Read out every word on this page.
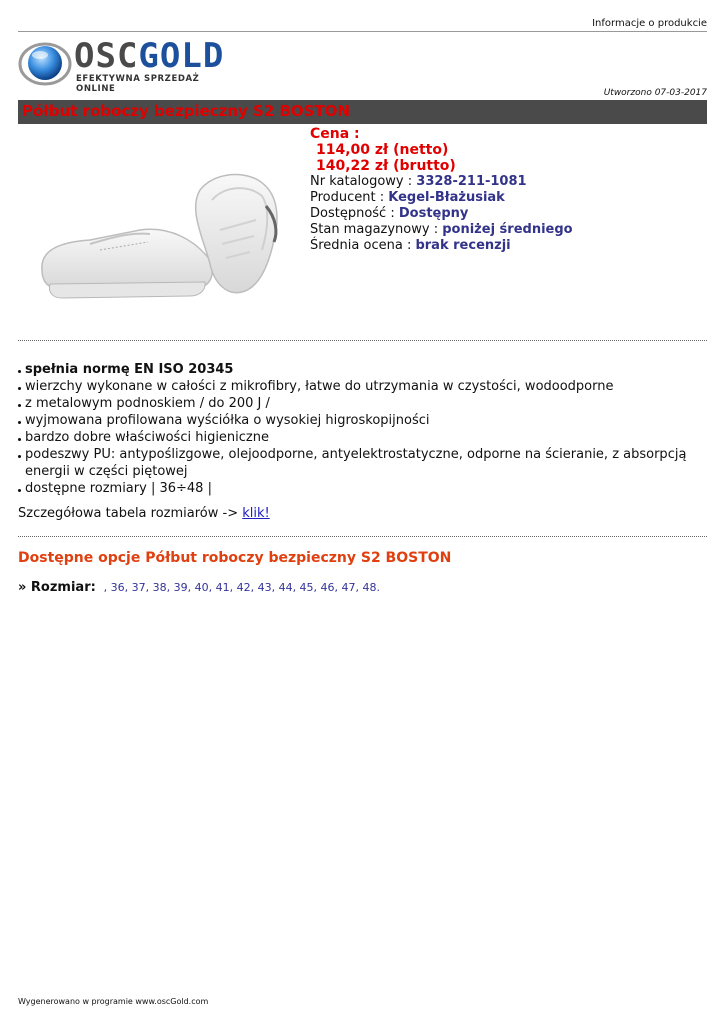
Informacje o produkcie
OSCGOLD
EFEKTYWNA SPRZEDAŻ ONLINE	Utworzono 07-03-2017
Półbut roboczy bezpieczny S2 BOSTON
Cena :
114,00 zł (netto)
140,22 zł (brutto)
Nr katalogowy : 3328-211-1081
Producent : Kegel-Błażusiak
Dostępność : Dostępny
Stan magazynowy : poniżej średniego
Średnia ocena : brak recenzji
spełnia normę EN ISO 20345
wierzchy wykonane w całości z mikrofibry, łatwe do utrzymania w czystości, wodoodporne
z metalowym podnoskiem / do 200 J /
wyjmowana profilowana wyściółka o wysokiej higroskopijności
bardzo dobre właściwości higieniczne
podeszwy PU: antypoślizgowe, olejoodporne, antyelektrostatyczne, odporne na ścieranie, z absorpcją energii w części piętowej
dostępne rozmiary | 36÷48 |
Szczegółowa tabela rozmiarów -> klik!
Dostępne opcje Półbut roboczy bezpieczny S2 BOSTON
» Rozmiar: , 36, 37, 38, 39, 40, 41, 42, 43, 44, 45, 46, 47, 48.
Wygenerowano w programie www.oscGold.com
